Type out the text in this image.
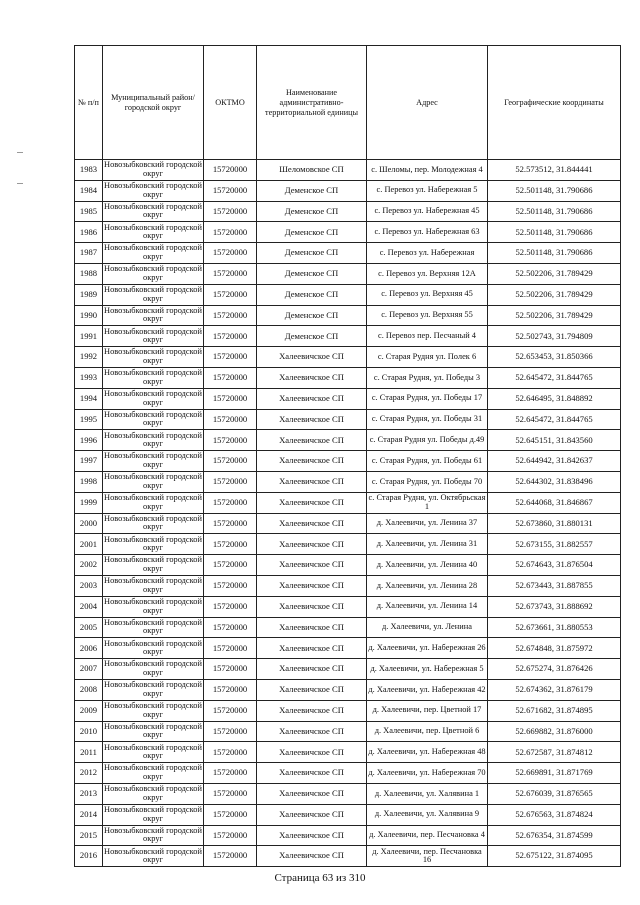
№ п/п	Муниципальный район/городской округ	ОКТМО	Наименование административно-территориальной единицы	Адрес	Географические координаты
1983	Новозыбковский городской округ	15720000	Шеломовское СП	с. Шеломы, пер. Молодежная 4	52.573512, 31.844441
1984	Новозыбковский городской округ	15720000	Деменское СП	с. Перевоз ул. Набережная 5	52.501148, 31.790686
1985	Новозыбковский городской округ	15720000	Деменское СП	с. Перевоз ул. Набережная 45	52.501148, 31.790686
1986	Новозыбковский городской округ	15720000	Деменское СП	с. Перевоз ул. Набережная 63	52.501148, 31.790686
1987	Новозыбковский городской округ	15720000	Деменское СП	с. Перевоз ул. Набережная	52.501148, 31.790686
1988	Новозыбковский городской округ	15720000	Деменское СП	с. Перевоз ул. Верхняя 12А	52.502206, 31.789429
1989	Новозыбковский городской округ	15720000	Деменское СП	с. Перевоз ул. Верхняя 45	52.502206, 31.789429
1990	Новозыбковский городской округ	15720000	Деменское СП	с. Перевоз ул. Верхняя 55	52.502206, 31.789429
1991	Новозыбковский городской округ	15720000	Деменское СП	с. Перевоз пер. Песчаный 4	52.502743, 31.794809
1992	Новозыбковский городской округ	15720000	Халеевичское СП	с. Старая Рудня ул. Полек 6	52.653453, 31.850366
1993	Новозыбковский городской округ	15720000	Халеевичское СП	с. Старая Рудня, ул. Победы 3	52.645472, 31.844765
1994	Новозыбковский городской округ	15720000	Халеевичское СП	с. Старая Рудня, ул. Победы 17	52.646495, 31.848892
1995	Новозыбковский городской округ	15720000	Халеевичское СП	с. Старая Рудня, ул. Победы 31	52.645472, 31.844765
1996	Новозыбковский городской округ	15720000	Халеевичское СП	с. Старая Рудня ул. Победы д.49	52.645151, 31.843560
1997	Новозыбковский городской округ	15720000	Халеевичское СП	с. Старая Рудня, ул. Победы 61	52.644942, 31.842637
1998	Новозыбковский городской округ	15720000	Халеевичское СП	с. Старая Рудня, ул. Победы 70	52.644302, 31.838496
1999	Новозыбковский городской округ	15720000	Халеевичское СП	с. Старая Рудня, ул. Октябрьская 1	52.644068, 31.846867
2000	Новозыбковский городской округ	15720000	Халеевичское СП	д. Халеевичи, ул. Ленина 37	52.673860, 31.880131
2001	Новозыбковский городской округ	15720000	Халеевичское СП	д. Халеевичи, ул. Ленина 31	52.673155, 31.882557
2002	Новозыбковский городской округ	15720000	Халеевичское СП	д. Халеевичи, ул. Ленина 40	52.674643, 31.876504
2003	Новозыбковский городской округ	15720000	Халеевичское СП	д. Халеевичи, ул. Ленина 28	52.673443, 31.887855
2004	Новозыбковский городской округ	15720000	Халеевичское СП	д. Халеевичи, ул. Ленина 14	52.673743, 31.888692
2005	Новозыбковский городской округ	15720000	Халеевичское СП	д. Халеевичи, ул. Ленина	52.673661, 31.880553
2006	Новозыбковский городской округ	15720000	Халеевичское СП	д. Халеевичи, ул. Набережная 26	52.674848, 31.875972
2007	Новозыбковский городской округ	15720000	Халеевичское СП	д. Халеевичи, ул. Набережная 5	52.675274, 31.876426
2008	Новозыбковский городской округ	15720000	Халеевичское СП	д. Халеевичи, ул. Набережная 42	52.674362, 31.876179
2009	Новозыбковский городской округ	15720000	Халеевичское СП	д. Халеевичи, пер. Цветной 17	52.671682, 31.874895
2010	Новозыбковский городской округ	15720000	Халеевичское СП	д. Халеевичи, пер. Цветной 6	52.669882, 31.876000
2011	Новозыбковский городской округ	15720000	Халеевичское СП	д. Халеевичи, ул. Набережная 48	52.672587, 31.874812
2012	Новозыбковский городской округ	15720000	Халеевичское СП	д. Халеевичи, ул. Набережная 70	52.669891, 31.871769
2013	Новозыбковский городской округ	15720000	Халеевичское СП	д. Халеевичи, ул. Халявина 1	52.676039, 31.876565
2014	Новозыбковский городской округ	15720000	Халеевичское СП	д. Халеевичи, ул. Халявина 9	52.676563, 31.874824
2015	Новозыбковский городской округ	15720000	Халеевичское СП	д. Халеевичи, пер. Песчановка 4	52.676354, 31.874599
2016	Новозыбковский городской округ	15720000	Халеевичское СП	д. Халеевичи, пер. Песчановка 16	52.675122, 31.874095
Страница 63 из 310
